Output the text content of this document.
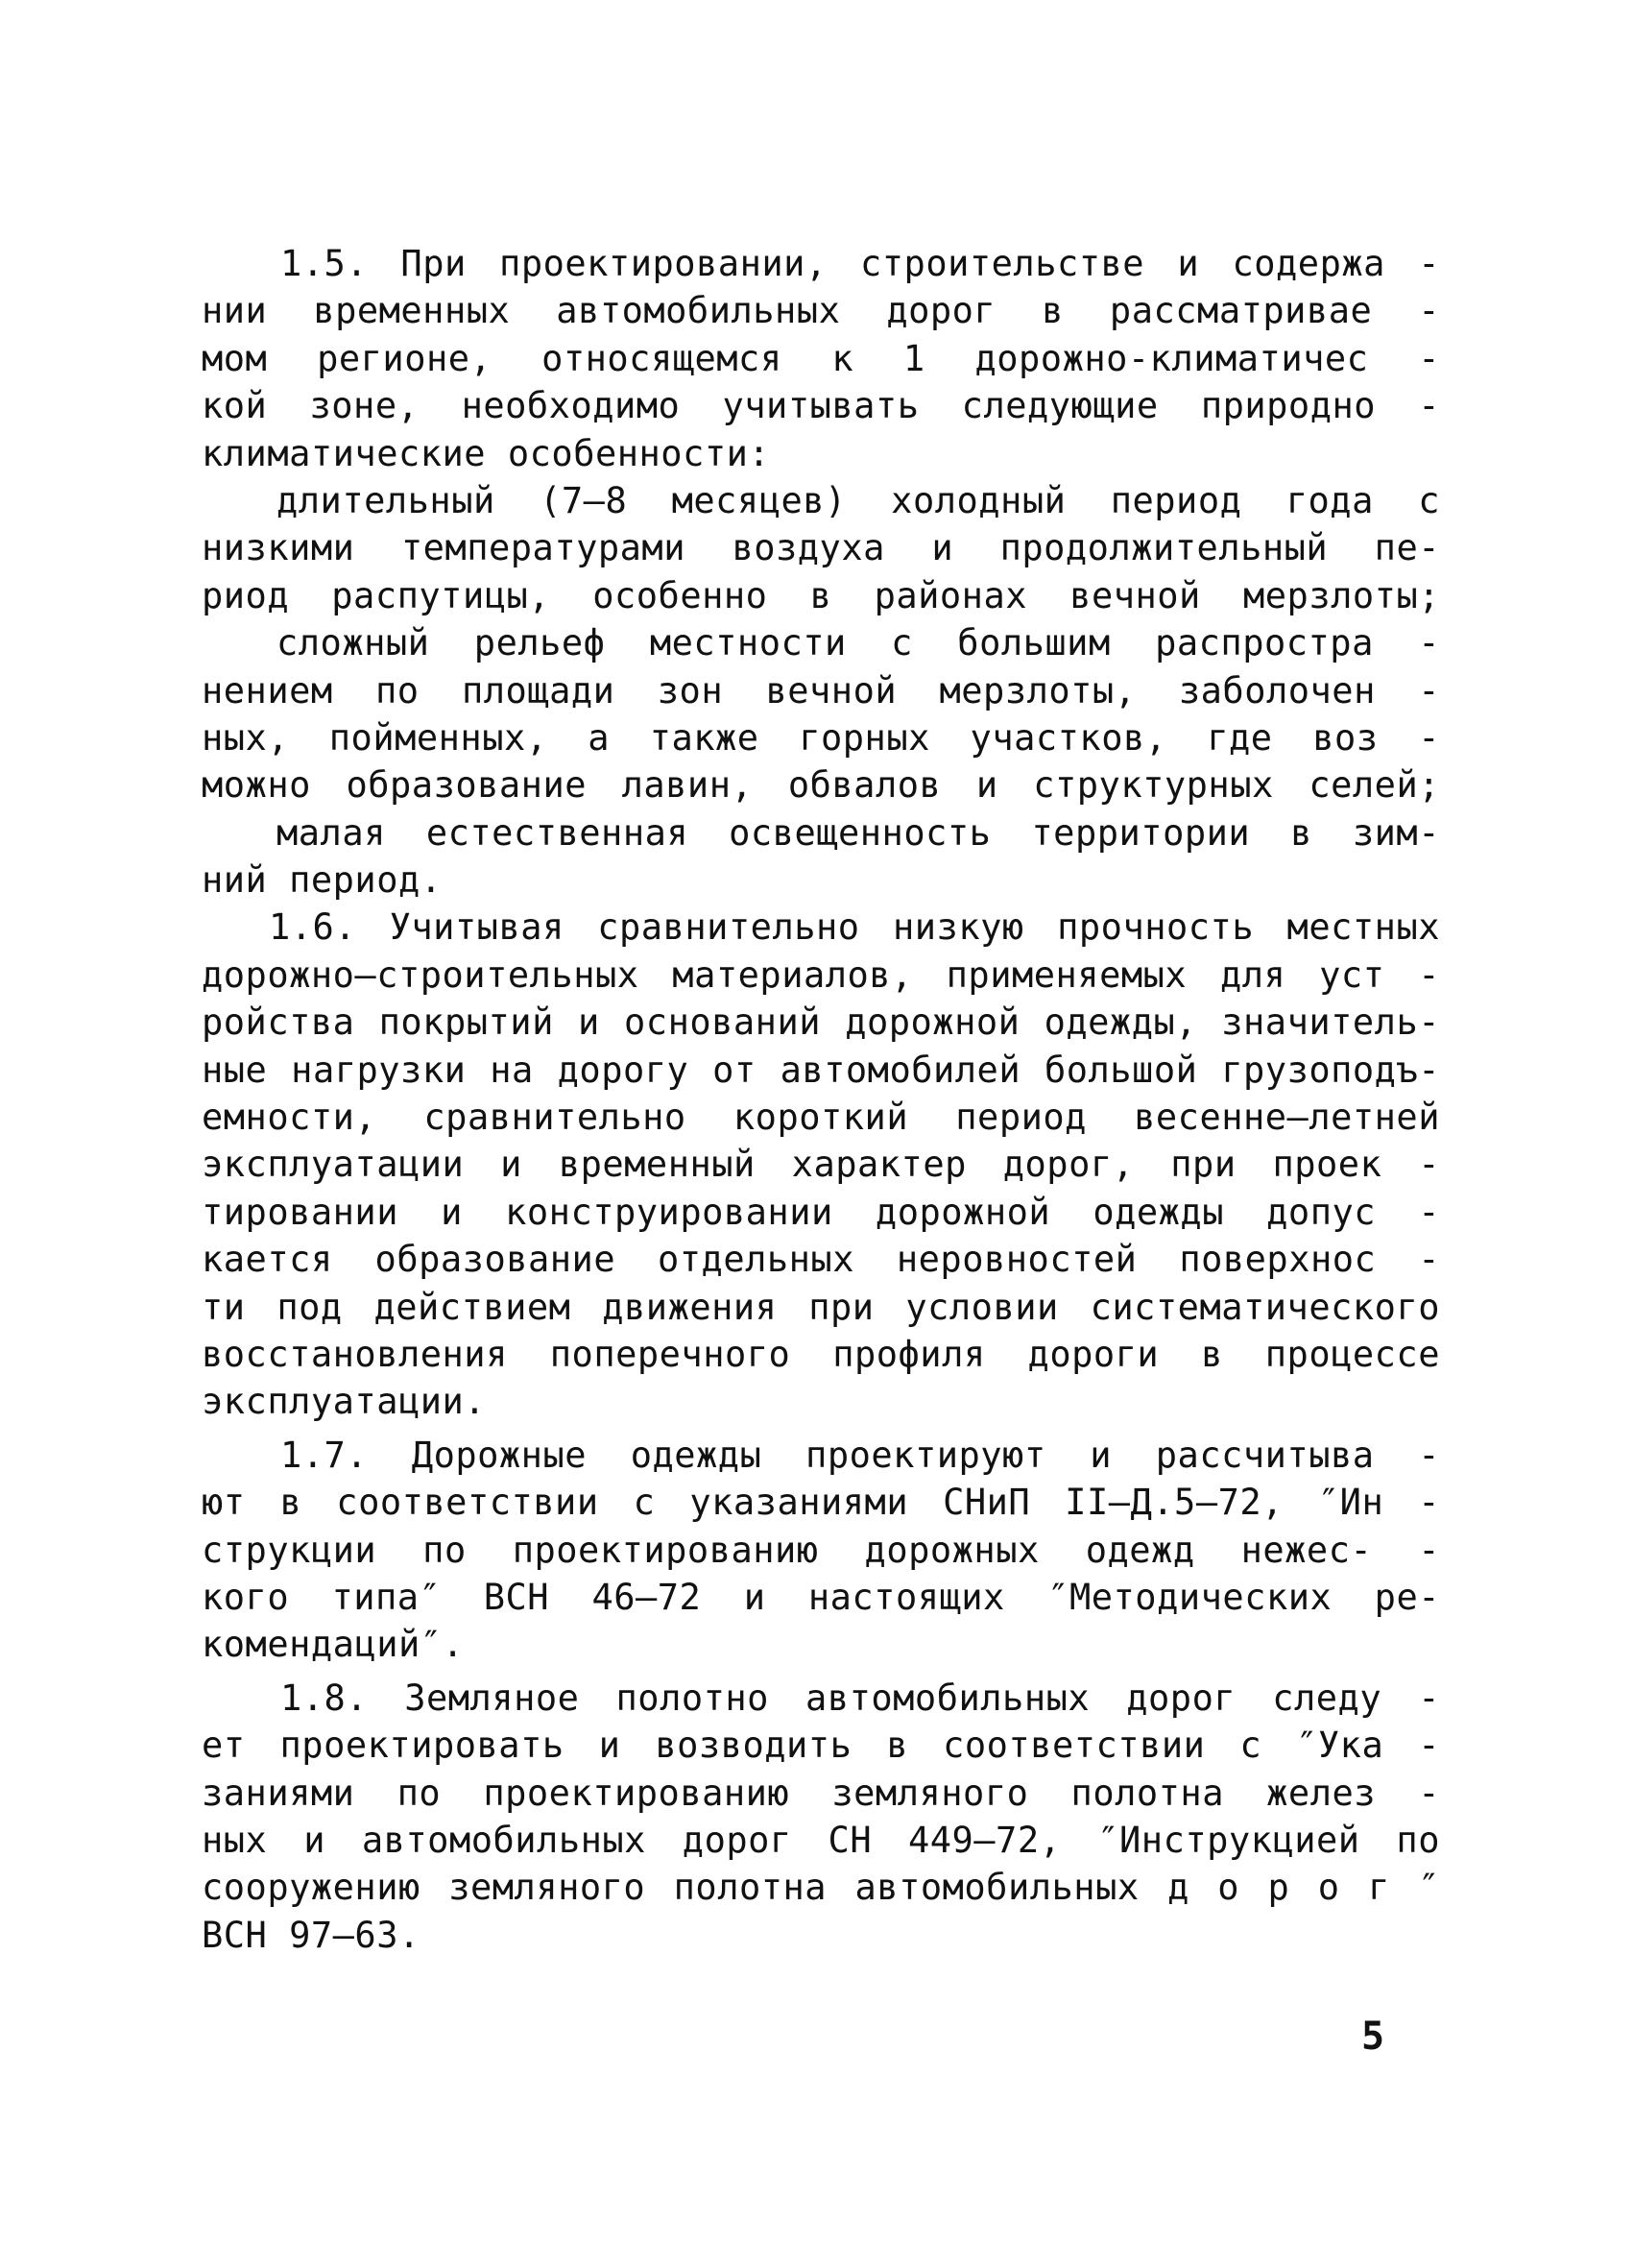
1.5. При проектировании, строительстве и содержа -
нии временных автомобильных дорог в рассматривае -
мом регионе, относящемся к 1 дорожно-климатичес -
кой зоне, необходимо учитывать следующие природно -
климатические особенности:
длительный (7–8 месяцев) холодный период года с
низкими температурами воздуха и продолжительный пе-
риод распутицы, особенно в районах вечной мерзлоты;
сложный рельеф местности с большим распростра -
нением по площади зон вечной мерзлоты, заболочен -
ных, пойменных, а также горных участков, где воз -
можно образование лавин, обвалов и структурных селей;
малая естественная освещенность территории в зим-
ний период.
1.6. Учитывая сравнительно низкую прочность местных
дорожно–строительных материалов, применяемых для уст -
ройства покрытий и оснований дорожной одежды, значитель-
ные нагрузки на дорогу от автомобилей большой грузоподъ-
емности, сравнительно короткий период весенне–летней
эксплуатации и временный характер дорог, при проек -
тировании и конструировании дорожной одежды допус -
кается образование отдельных неровностей поверхнос -
ти под действием движения при условии систематического
восстановления поперечного профиля дороги в процессе
эксплуатации.
1.7. Дорожные одежды проектируют и рассчитыва -
ют в соответствии с указаниями СНиП II–Д.5–72, ″Ин -
струкции по проектированию дорожных одежд нежес- -
кого типа″ ВСН 46–72 и настоящих ″Методических ре-
комендаций″.
1.8. Земляное полотно автомобильных дорог следу -
ет проектировать и возводить в соответствии с ″Ука -
заниями по проектированию земляного полотна желез -
ных и автомобильных дорог СН 449–72, ″Инструкцией по
сооружению земляного полотна автомобильных д о р о г ″
ВСН 97–63.
5
